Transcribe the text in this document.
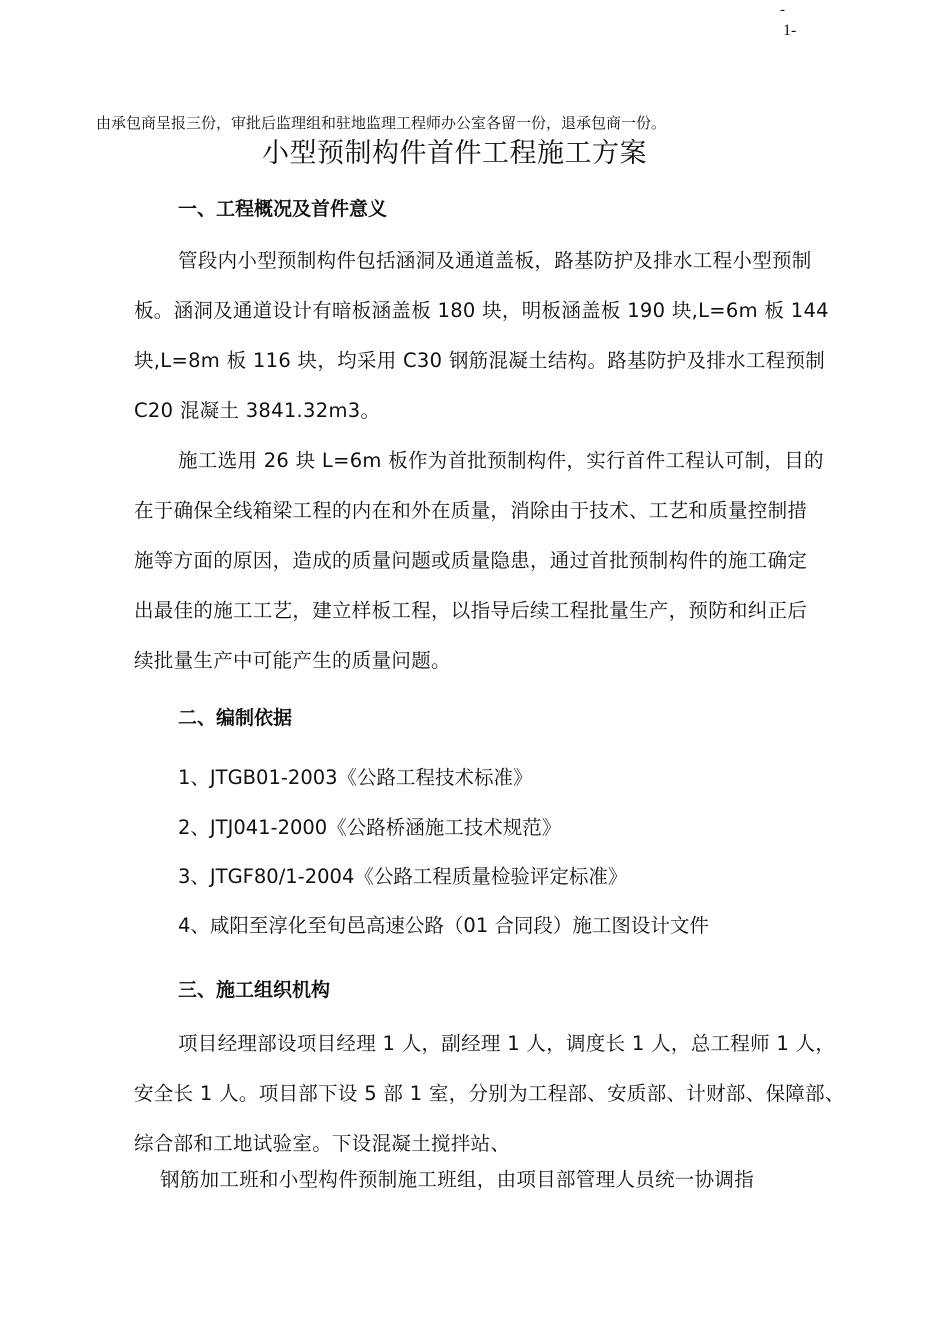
-
1-
由承包商呈报三份，审批后监理组和驻地监理工程师办公室各留一份，退承包商一份。
小型预制构件首件工程施工方案
一、工程概况及首件意义
管段内小型预制构件包括涵洞及通道盖板，路基防护及排水工程小型预制
板。涵洞及通道设计有暗板涵盖板 180 块，明板涵盖板 190 块,L=6m 板 144
块,L=8m 板 116 块，均采用 C30 钢筋混凝土结构。路基防护及排水工程预制
C20 混凝土 3841.32m3。
施工选用 26 块 L=6m 板作为首批预制构件，实行首件工程认可制，目的
在于确保全线箱梁工程的内在和外在质量，消除由于技术、工艺和质量控制措
施等方面的原因，造成的质量问题或质量隐患，通过首批预制构件的施工确定
出最佳的施工工艺，建立样板工程，以指导后续工程批量生产，预防和纠正后
续批量生产中可能产生的质量问题。
二、编制依据
1、JTGB01-2003《公路工程技术标准》
2、JTJ041-2000《公路桥涵施工技术规范》
3、JTGF80/1-2004《公路工程质量检验评定标准》
4、咸阳至淳化至旬邑高速公路（01 合同段）施工图设计文件
三、施工组织机构
项目经理部设项目经理 1 人，副经理 1 人，调度长 1 人，总工程师 1 人，
安全长 1 人。项目部下设 5 部 1 室，分别为工程部、安质部、计财部、保障部、
综合部和工地试验室。下设混凝土搅拌站、
钢筋加工班和小型构件预制施工班组，由项目部管理人员统一协调指
